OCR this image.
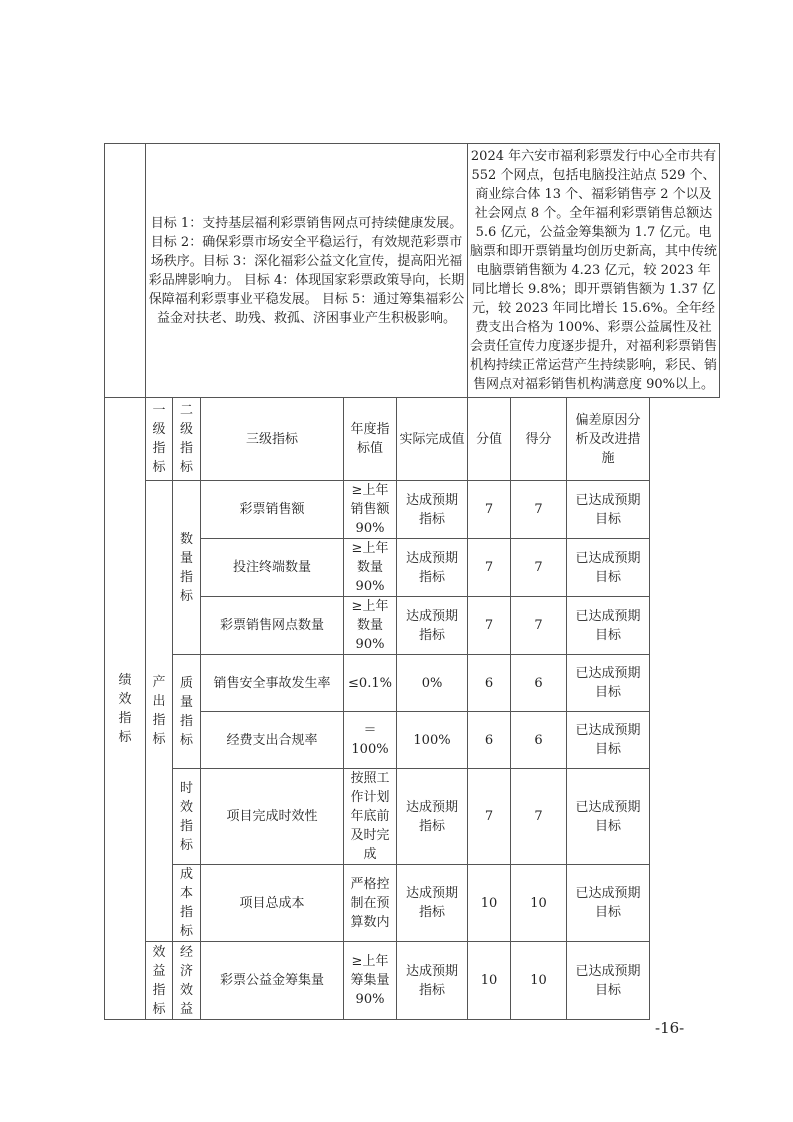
	目标 1：支持基层福利彩票销售网点可持续健康发展。目标 2：确保彩票市场安全平稳运行，有效规范彩票市场秩序。目标 3：深化福彩公益文化宣传，提高阳光福彩品牌影响力。 目标 4：体现国家彩票政策导向，长期保障福利彩票事业平稳发展。 目标 5：通过筹集福彩公益金对扶老、助残、救孤、济困事业产生积极影响。					2024 年六安市福利彩票发行中心全市共有 552 个网点，包括电脑投注站点 529 个、商业综合体 13 个、福彩销售亭 2 个以及社会网点 8 个。全年福利彩票销售总额达 5.6 亿元，公益金筹集额为 1.7 亿元。电脑票和即开票销量均创历史新高，其中传统电脑票销售额为 4.23 亿元，较 2023 年同比增长 9.8%；即开票销售额为 1.37 亿元，较 2023 年同比增长 15.6%。全年经费支出合格为 100%、彩票公益属性及社会责任宣传力度逐步提升，对福利彩票销售机构持续正常运营产生持续影响，彩民、销售网点对福彩销售机构满意度 90%以上。		
绩效指标	一级指标	二级指标	三级指标	年度指标值	实际完成值	分值	得分	偏差原因分析及改进措施
	产出指标	数量指标	彩票销售额	≥上年销售额90%	达成预期指标	7	7	已达成预期目标
			投注终端数量	≥上年数量90%	达成预期指标	7	7	已达成预期目标
			彩票销售网点数量	≥上年数量90%	达成预期指标	7	7	已达成预期目标
		质量指标	销售安全事故发生率	≤0.1%	0%	6	6	已达成预期目标
			经费支出合规率	＝100%	100%	6	6	已达成预期目标
		时效指标	项目完成时效性	按照工作计划年底前及时完成	达成预期指标	7	7	已达成预期目标
		成本指标	项目总成本	严格控制在预算数内	达成预期指标	10	10	已达成预期目标
	效益指标	经济效益	彩票公益金筹集量	≥上年筹集量90%	达成预期指标	10	10	已达成预期目标
-16-
